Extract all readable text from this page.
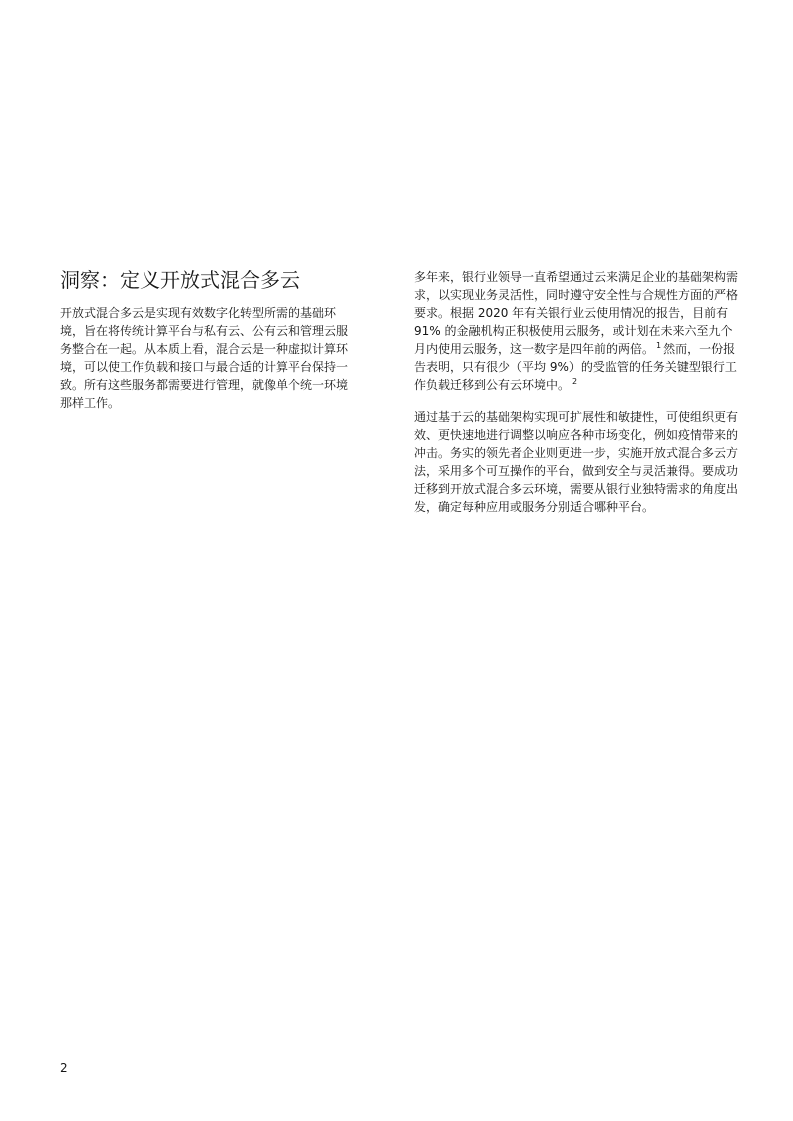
洞察：定义开放式混合多云

开放式混合多云是实现有效数字化转型所需的基础环境，旨在将传统计算平台与私有云、公有云和管理云服务整合在一起。从本质上看，混合云是一种虚拟计算环境，可以使工作负载和接口与最合适的计算平台保持一致。所有这些服务都需要进行管理，就像单个统一环境那样工作。

多年来，银行业领导一直希望通过云来满足企业的基础架构需求，以实现业务灵活性，同时遵守安全性与合规性方面的严格要求。根据 2020 年有关银行业云使用情况的报告，目前有 91% 的金融机构正积极使用云服务，或计划在未来六至九个月内使用云服务，这一数字是四年前的两倍。 $^1$ 然而，一份报告表明，只有很少（平均 9%）的受监管的任务关键型银行工作负载迁移到公有云环境中。 $^2$

通过基于云的基础架构实现可扩展性和敏捷性，可使组织更有效、更快速地进行调整以响应各种市场变化，例如疫情带来的冲击。务实的领先者企业则更进一步，实施开放式混合多云方法，采用多个可互操作的平台，做到安全与灵活兼得。要成功迁移到开放式混合多云环境，需要从银行业独特需求的角度出发，确定每种应用或服务分别适合哪种平台。

2
